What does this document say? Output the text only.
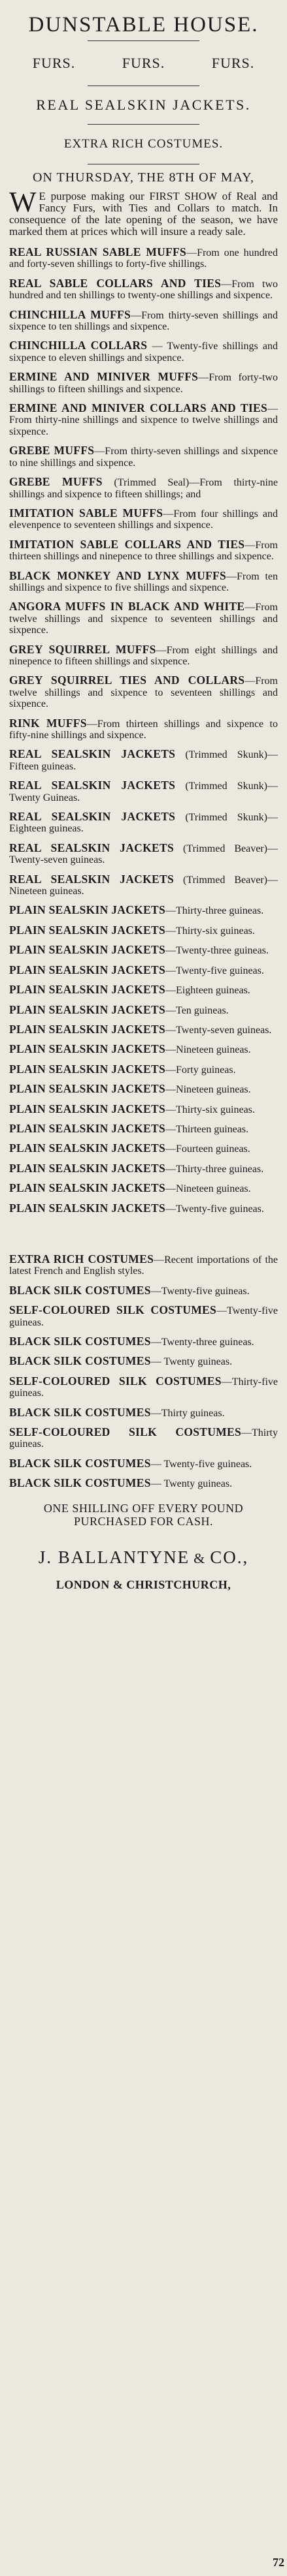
DUNSTABLE HOUSE.
FURS.	FURS.	FURS.
REAL SEALSKIN JACKETS.
EXTRA RICH COSTUMES.
ON THURSDAY, THE 8TH OF MAY,
W E purpose making our FIRST SHOW of Real and Fancy Furs, with Ties and Collars to match. In consequence of the late opening of the season, we have marked them at prices which will insure a ready sale.
REAL RUSSIAN SABLE MUFFS—From one hundred and forty-seven shillings to forty-five shillings.
REAL SABLE COLLARS AND TIES—From two hundred and ten shillings to twenty-one shillings and sixpence.
CHINCHILLA MUFFS—From thirty-seven shillings and sixpence to ten shillings and sixpence.
CHINCHILLA COLLARS — Twenty-five shillings and sixpence to eleven shillings and sixpence.
ERMINE AND MINIVER MUFFS—From forty-two shillings to fifteen shillings and sixpence.
ERMINE AND MINIVER COLLARS AND TIES—From thirty-nine shillings and sixpence to twelve shillings and sixpence.
GREBE MUFFS—From thirty-seven shillings and sixpence to nine shillings and sixpence.
GREBE MUFFS (Trimmed Seal)—From thirty-nine shillings and sixpence to fifteen shillings; and
IMITATION SABLE MUFFS—From four shillings and elevenpence to seventeen shillings and sixpence.
IMITATION SABLE COLLARS AND TIES—From thirteen shillings and ninepence to three shillings and sixpence.
BLACK MONKEY AND LYNX MUFFS—From ten shillings and sixpence to five shillings and sixpence.
ANGORA MUFFS IN BLACK AND WHITE—From twelve shillings and sixpence to seventeen shillings and sixpence.
GREY SQUIRREL MUFFS—From eight shillings and ninepence to fifteen shillings and sixpence.
GREY SQUIRREL TIES AND COLLARS—From twelve shillings and sixpence to seventeen shillings and sixpence.
RINK MUFFS—From thirteen shillings and sixpence to fifty-nine shillings and sixpence.
REAL SEALSKIN JACKETS (Trimmed Skunk)—Fifteen guineas.
REAL SEALSKIN JACKETS (Trimmed Skunk)—Twenty Guineas.
REAL SEALSKIN JACKETS (Trimmed Skunk)—Eighteen guineas.
REAL SEALSKIN JACKETS (Trimmed Beaver)—Twenty-seven guineas.
REAL SEALSKIN JACKETS (Trimmed Beaver)—Nineteen guineas.
PLAIN SEALSKIN JACKETS—Thirty-three guineas.
PLAIN SEALSKIN JACKETS—Thirty-six guineas.
PLAIN SEALSKIN JACKETS—Twenty-three guineas.
PLAIN SEALSKIN JACKETS—Twenty-five guineas.
PLAIN SEALSKIN JACKETS—Eighteen guineas.
PLAIN SEALSKIN JACKETS—Ten guineas.
PLAIN SEALSKIN JACKETS—Twenty-seven guineas.
PLAIN SEALSKIN JACKETS—Nineteen guineas.
PLAIN SEALSKIN JACKETS—Forty guineas.
PLAIN SEALSKIN JACKETS—Nineteen guineas.
PLAIN SEALSKIN JACKETS—Thirty-six guineas.
PLAIN SEALSKIN JACKETS—Thirteen guineas.
PLAIN SEALSKIN JACKETS—Fourteen guineas.
PLAIN SEALSKIN JACKETS—Thirty-three guineas.
PLAIN SEALSKIN JACKETS—Nineteen guineas.
PLAIN SEALSKIN JACKETS—Twenty-five guineas.
EXTRA RICH COSTUMES—Recent importations of the latest French and English styles.
BLACK SILK COSTUMES—Twenty-five guineas.
SELF-COLOURED SILK COSTUMES—Twenty-five guineas.
BLACK SILK COSTUMES—Twenty-three guineas.
BLACK SILK COSTUMES— Twenty guineas.
SELF-COLOURED SILK COSTUMES—Thirty-five guineas.
BLACK SILK COSTUMES—Thirty guineas.
SELF-COLOURED SILK COSTUMES—Thirty guineas.
BLACK SILK COSTUMES— Twenty-five guineas.
BLACK SILK COSTUMES— Twenty guineas.
ONE SHILLING OFF EVERY POUND PURCHASED FOR CASH.
J. BALLANTYNE & CO.,
LONDON & CHRISTCHURCH,
72
